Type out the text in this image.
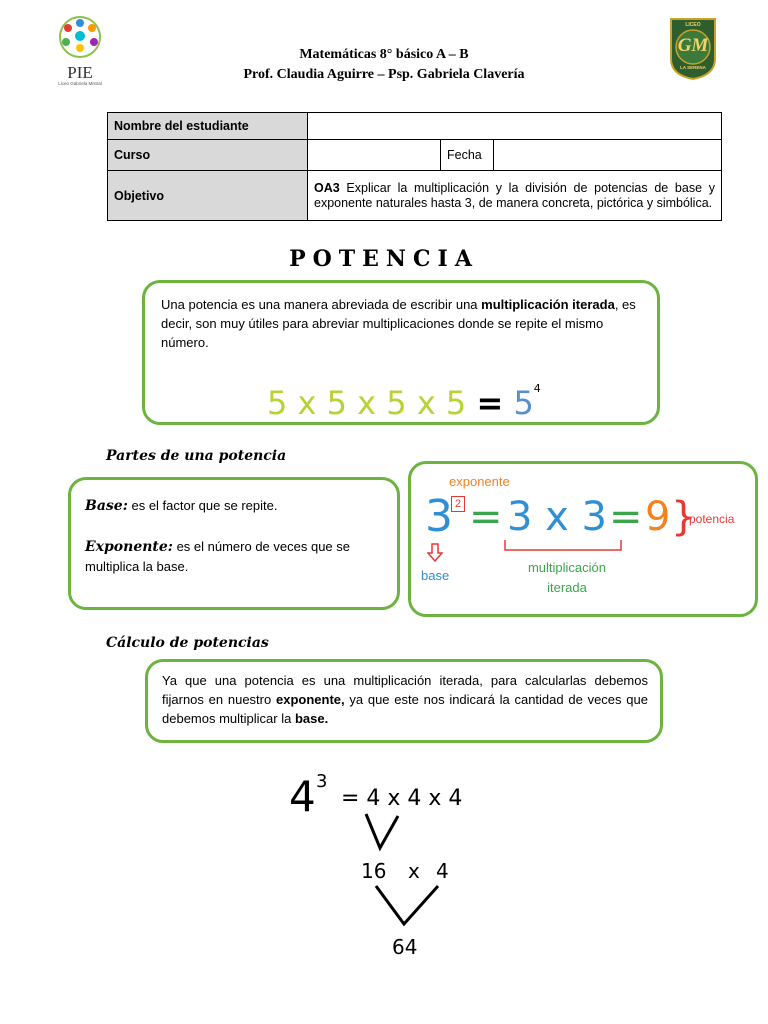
PIE
Liceo Gabriela Mistral
LICEO
GM
LA SERENA
Matemáticas 8° básico A – B
Prof. Claudia Aguirre – Psp. Gabriela Clavería
Nombre del estudiante			
Curso		Fecha	
Objetivo	OA3 Explicar la multiplicación y la división de potencias de base y exponente naturales hasta 3, de manera concreta, pictórica y simbólica.		
POTENCIA
Una potencia es una manera abreviada de escribir una multiplicación iterada, es decir, son muy útiles para abreviar multiplicaciones donde se repite el mismo número.
5 x 5 x 5 x $5 = 5^4$
Partes de una potencia
Base: es el factor que se repite.
Exponente: es el número de veces que se multiplica la base.
exponente
3 2 = 3 x 3 = 9 }
potencia
base
multiplicación
iterada
Cálculo de potencias
Ya que una potencia es una multiplicación iterada, para calcularlas debemos fijarnos en nuestro exponente, ya que este nos indicará la cantidad de veces que debemos multiplicar la base.
4 3
= 4 x 4 x 4
16 x 4
64
